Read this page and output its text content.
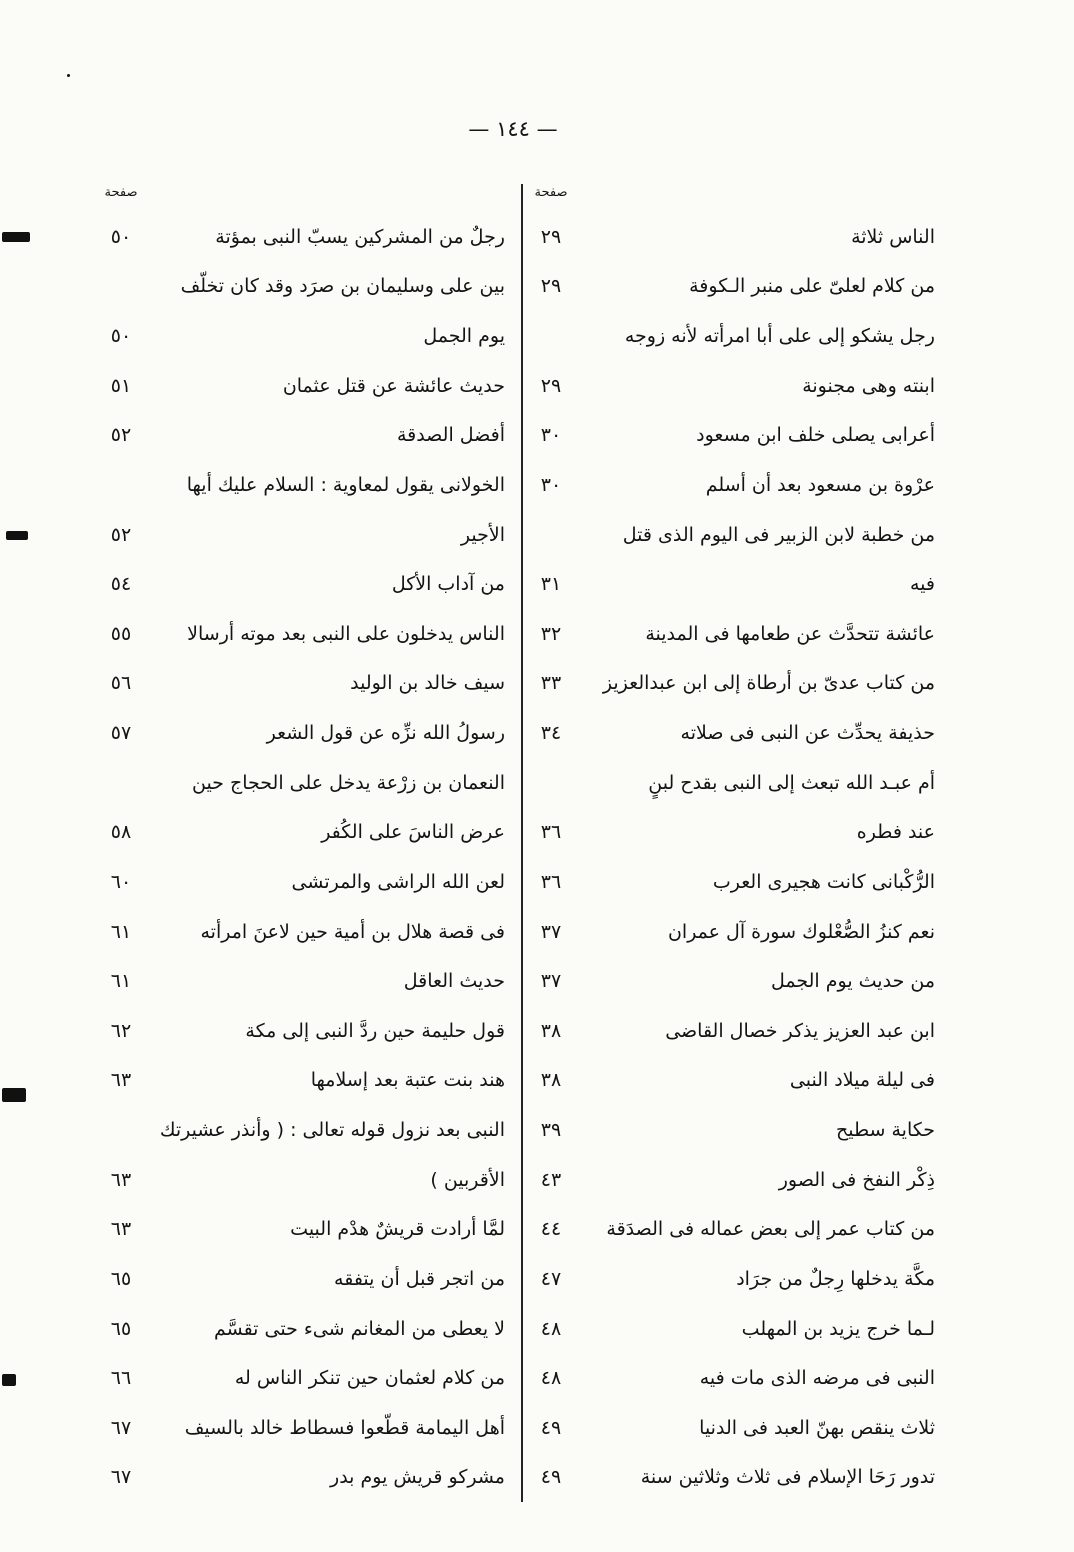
— ١٤٤ —
صفحة
صفحة
الناس ثلاثة
٢٩
من كلام لعلىّ على منبر الـكوفة
٢٩
رجل يشكو إلى على أبا امرأته لأنه زوجه
ابنته وهى مجنونة
٢٩
أعرابى يصلى خلف ابن مسعود
٣٠
عرْوة بن مسعود بعد أن أسلم
٣٠
من خطبة لابن الزبير فى اليوم الذى قتل
فيه
٣١
عائشة تتحدَّث عن طعامها فى المدينة
٣٢
من كتاب عدىّ بن أرطاة إلى ابن عبدالعزيز
٣٣
حذيفة يحدِّث عن النبى فى صلاته
٣٤
أم عبـد الله تبعث إلى النبى بقدح لبنٍ
عند فطره
٣٦
الرُّكْبانى كانت هجيرى العرب
٣٦
نعم كنزُ الصُّعْلوك سورة آل عمران
٣٧
من حديث يوم الجمل
٣٧
ابن عبد العزيز يذكر خصال القاضى
٣٨
فى ليلة ميلاد النبى
٣٨
حكاية سطيح
٣٩
ذِكْر النفخ فى الصور
٤٣
من كتاب عمر إلى بعض عماله فى الصدَقة
٤٤
مكَّة يدخلها رِجلٌ من جرَاد
٤٧
لـما خرج يزيد بن المهلب
٤٨
النبى فى مرضه الذى مات فيه
٤٨
ثلاث ينقص بهنّ العبد فى الدنيا
٤٩
تدور رَحَا الإسلام فى ثلاث وثلاثين سنة
٤٩
رجلٌ من المشركين يسبّ النبى بمؤتة
٥٠
بين على وسليمان بن صرَد وقد كان تخلّف
يوم الجمل
٥٠
حديث عائشة عن قتل عثمان
٥١
أفضل الصدقة
٥٢
الخولانى يقول لمعاوية : السلام عليك أيها
الأجير
٥٢
من آداب الأكل
٥٤
الناس يدخلون على النبى بعد موته أرسالا
٥٥
سيف خالد بن الوليد
٥٦
رسولُ الله نزِّه عن قول الشعر
٥٧
النعمان بن زرْعة يدخل على الحجاج حين
عرض الناسَ على الكُفر
٥٨
لعن الله الراشى والمرتشى
٦٠
فى قصة هلال بن أمية حين لاعنَ امرأته
٦١
حديث العاقل
٦١
قول حليمة حين ردَّ النبى إلى مكة
٦٢
هند بنت عتبة بعد إسلامها
٦٣
النبى بعد نزول قوله تعالى : ( وأنذر عشيرتك
الأقربين )
٦٣
لمَّا أرادت قريشٌ هدْم البيت
٦٣
من اتجر قبل أن يتفقه
٦٥
لا يعطى من المغانم شىء حتى تقسَّم
٦٥
من كلام لعثمان حين تنكر الناس له
٦٦
أهل اليمامة قطّعوا فسطاط خالد بالسيف
٦٧
مشركو قريش يوم بدر
٦٧
